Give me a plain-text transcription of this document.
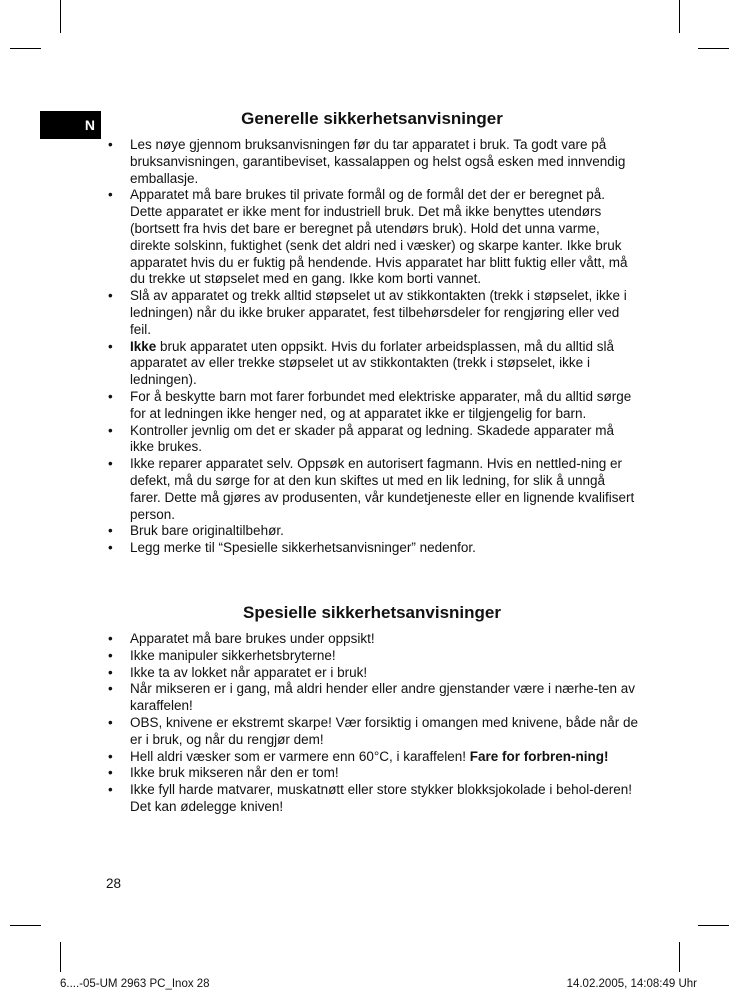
N	Generelle sikkerhetsanvisninger
• Les nøye gjennom bruksanvisningen før du tar apparatet i bruk. Ta godt vare på bruksanvisningen, garantibeviset, kassalappen og helst også esken med innvendig emballasje.
• Apparatet må bare brukes til private formål og de formål det der er beregnet på. Dette apparatet er ikke ment for industriell bruk. Det må ikke benyttes utendørs (bortsett fra hvis det bare er beregnet på utendørs bruk). Hold det unna varme, direkte solskinn, fuktighet (senk det aldri ned i væsker) og skarpe kanter. Ikke bruk apparatet hvis du er fuktig på hendende. Hvis apparatet har blitt fuktig eller vått, må du trekke ut støpselet med en gang. Ikke kom borti vannet.
• Slå av apparatet og trekk alltid støpselet ut av stikkontakten (trekk i støpselet, ikke i ledningen) når du ikke bruker apparatet, fest tilbehørsdeler for rengjøring eller ved feil.
• Ikke bruk apparatet uten oppsikt. Hvis du forlater arbeidsplassen, må du alltid slå apparatet av eller trekke støpselet ut av stikkontakten (trekk i støpselet, ikke i ledningen).
• For å beskytte barn mot farer forbundet med elektriske apparater, må du alltid sørge for at ledningen ikke henger ned, og at apparatet ikke er tilgjengelig for barn.
• Kontroller jevnlig om det er skader på apparat og ledning. Skadede apparater må ikke brukes.
• Ikke reparer apparatet selv. Oppsøk en autorisert fagmann. Hvis en nettled-ning er defekt, må du sørge for at den kun skiftes ut med en lik ledning, for slik å unngå farer. Dette må gjøres av produsenten, vår kundetjeneste eller en lignende kvalifisert person.
• Bruk bare originaltilbehør.
• Legg merke til “Spesielle sikkerhetsanvisninger” nedenfor.
Spesielle sikkerhetsanvisninger
• Apparatet må bare brukes under oppsikt!
• Ikke manipuler sikkerhetsbryterne!
• Ikke ta av lokket når apparatet er i bruk!
• Når mikseren er i gang, må aldri hender eller andre gjenstander være i nærhe-ten av karaffelen!
• OBS, knivene er ekstremt skarpe! Vær forsiktig i omangen med knivene, både når de er i bruk, og når du rengjør dem!
• Hell aldri væsker som er varmere enn 60°C, i karaffelen! Fare for forbren-ning!
• Ikke bruk mikseren når den er tom!
• Ikke fyll harde matvarer, muskatnøtt eller store stykker blokksjokolade i behol-deren! Det kan ødelegge kniven!
28
6....-05-UM 2963 PC_Inox 28	14.02.2005, 14:08:49 Uhr
